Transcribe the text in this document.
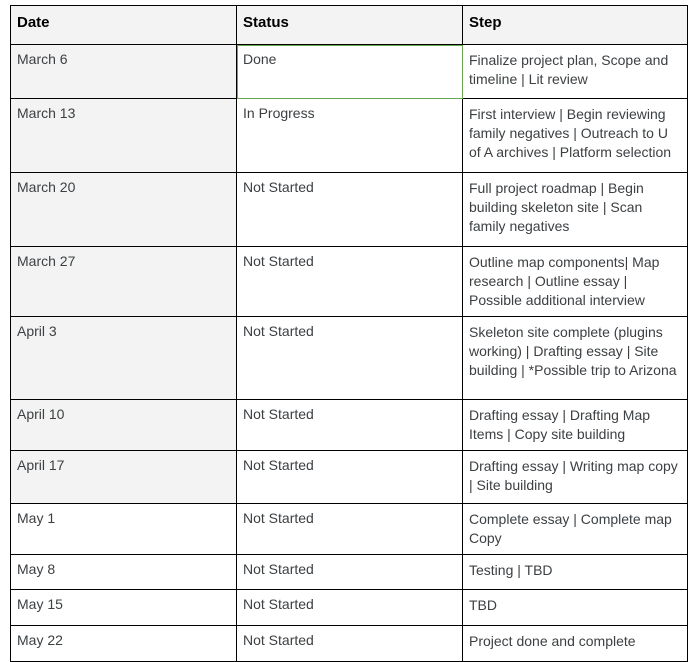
Date	Status	Step
March 6	Done	Finalize project plan, Scope and timeline | Lit review
March 13	In Progress	First interview | Begin reviewing family negatives | Outreach to U of A archives | Platform selection
March 20	Not Started	Full project roadmap | Begin building skeleton site | Scan family negatives
March 27	Not Started	Outline map components| Map research | Outline essay | Possible additional interview
April 3	Not Started	Skeleton site complete (plugins working) | Drafting essay | Site building | *Possible trip to Arizona
April 10	Not Started	Drafting essay | Drafting Map Items | Copy site building
April 17	Not Started	Drafting essay | Writing map copy | Site building
May 1	Not Started	Complete essay | Complete map Copy
May 8	Not Started	Testing | TBD
May 15	Not Started	TBD
May 22	Not Started	Project done and complete
